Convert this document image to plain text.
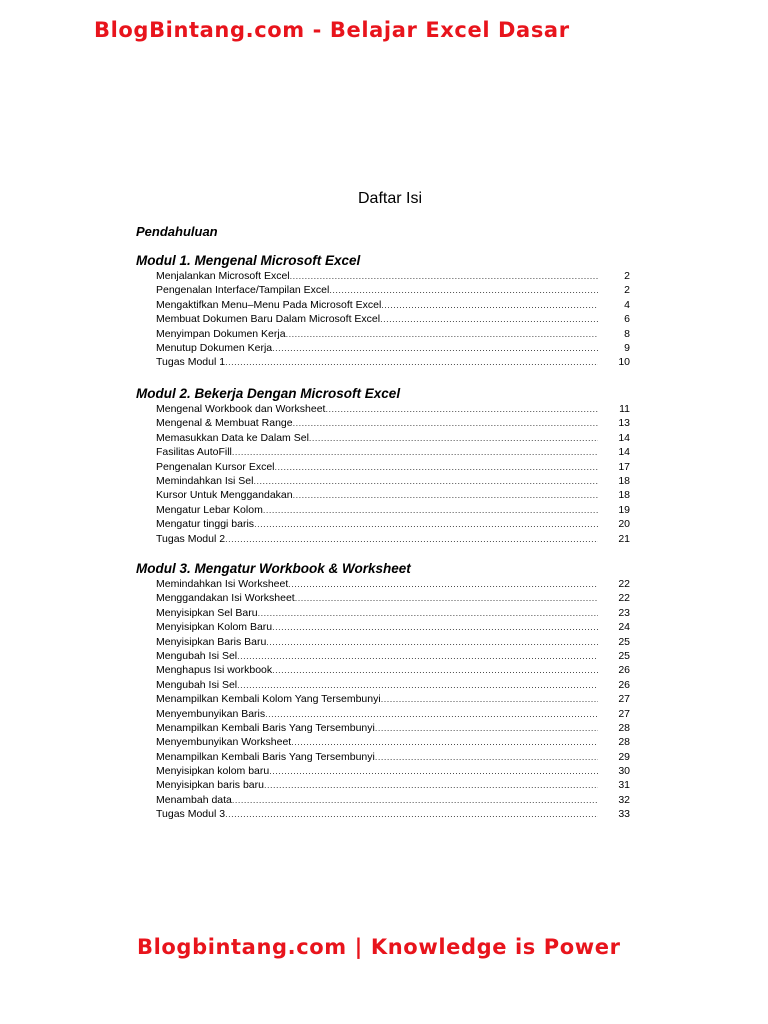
BlogBintang.com - Belajar Excel Dasar
Daftar Isi
Pendahuluan
Modul 1. Mengenal Microsoft Excel
Menjalankan Microsoft Excel .....	2
Pengenalan Interface/Tampilan Excel .....	2
Mengaktifkan Menu–Menu Pada Microsoft Excel .....	4
Membuat Dokumen Baru Dalam Microsoft Excel .....	6
Menyimpan Dokumen Kerja .....	8
Menutup Dokumen Kerja .....	9
Tugas Modul 1 .....	10
Modul 2. Bekerja Dengan Microsoft Excel
Mengenal Workbook dan Worksheet .....	11
Mengenal & Membuat Range .....	13
Memasukkan Data ke Dalam Sel .....	14
Fasilitas AutoFill .....	14
Pengenalan Kursor Excel .....	17
Memindahkan Isi Sel .....	18
Kursor Untuk Menggandakan .....	18
Mengatur Lebar Kolom .....	19
Mengatur tinggi baris .....	20
Tugas Modul 2 .....	21
Modul 3. Mengatur Workbook & Worksheet
Memindahkan Isi Worksheet .....	22
Menggandakan Isi Worksheet .....	22
Menyisipkan Sel Baru .....	23
Menyisipkan Kolom Baru .....	24
Menyisipkan Baris Baru .....	25
Mengubah Isi Sel .....	25
Menghapus Isi workbook .....	26
Mengubah Isi Sel .....	26
Menampilkan Kembali Kolom Yang Tersembunyi .....	27
Menyembunyikan Baris .....	27
Menampilkan Kembali Baris Yang Tersembunyi .....	28
Menyembunyikan Worksheet .....	28
Menampilkan Kembali Baris Yang Tersembunyi .....	29
Menyisipkan kolom baru .....	30
Menyisipkan baris baru .....	31
Menambah data .....	32
Tugas Modul 3 .....	33
Blogbintang.com | Knowledge is Power
